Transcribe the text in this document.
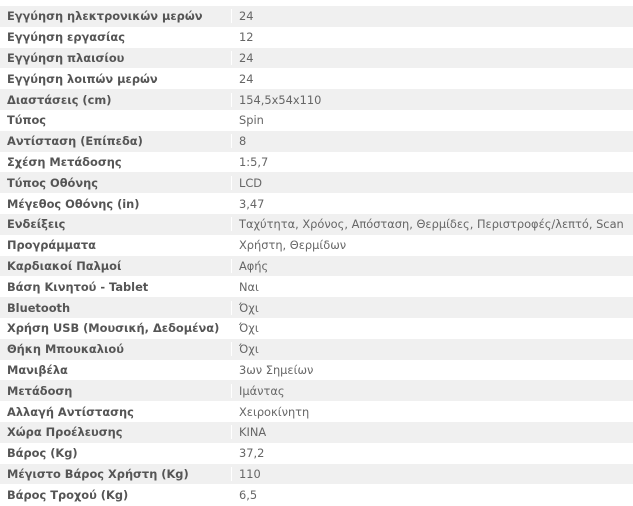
Εγγύηση ηλεκτρονικών μερών	24
Εγγύηση εργασίας	12
Εγγύηση πλαισίου	24
Εγγύηση λοιπών μερών	24
Διαστάσεις (cm)	154,5x54x110
Τύπος	Spin
Αντίσταση (Επίπεδα)	8
Σχέση Μετάδοσης	1:5,7
Τύπος Οθόνης	LCD
Μέγεθος Οθόνης (in)	3,47
Ενδείξεις	Ταχύτητα, Χρόνος, Απόσταση, Θερμίδες, Περιστροφές/λεπτό, Scan
Προγράμματα	Χρήστη, Θερμίδων
Καρδιακοί Παλμοί	Αφής
Βάση Κινητού - Tablet	Ναι
Bluetooth	Όχι
Χρήση USB (Μουσική, Δεδομένα)	Όχι
Θήκη Μπουκαλιού	Όχι
Μανιβέλα	3ων Σημείων
Μετάδοση	Ιμάντας
Αλλαγή Αντίστασης	Χειροκίνητη
Χώρα Προέλευσης	ΚΙΝΑ
Βάρος (Kg)	37,2
Μέγιστο Βάρος Χρήστη (Kg)	110
Βάρος Τροχού (Kg)	6,5
